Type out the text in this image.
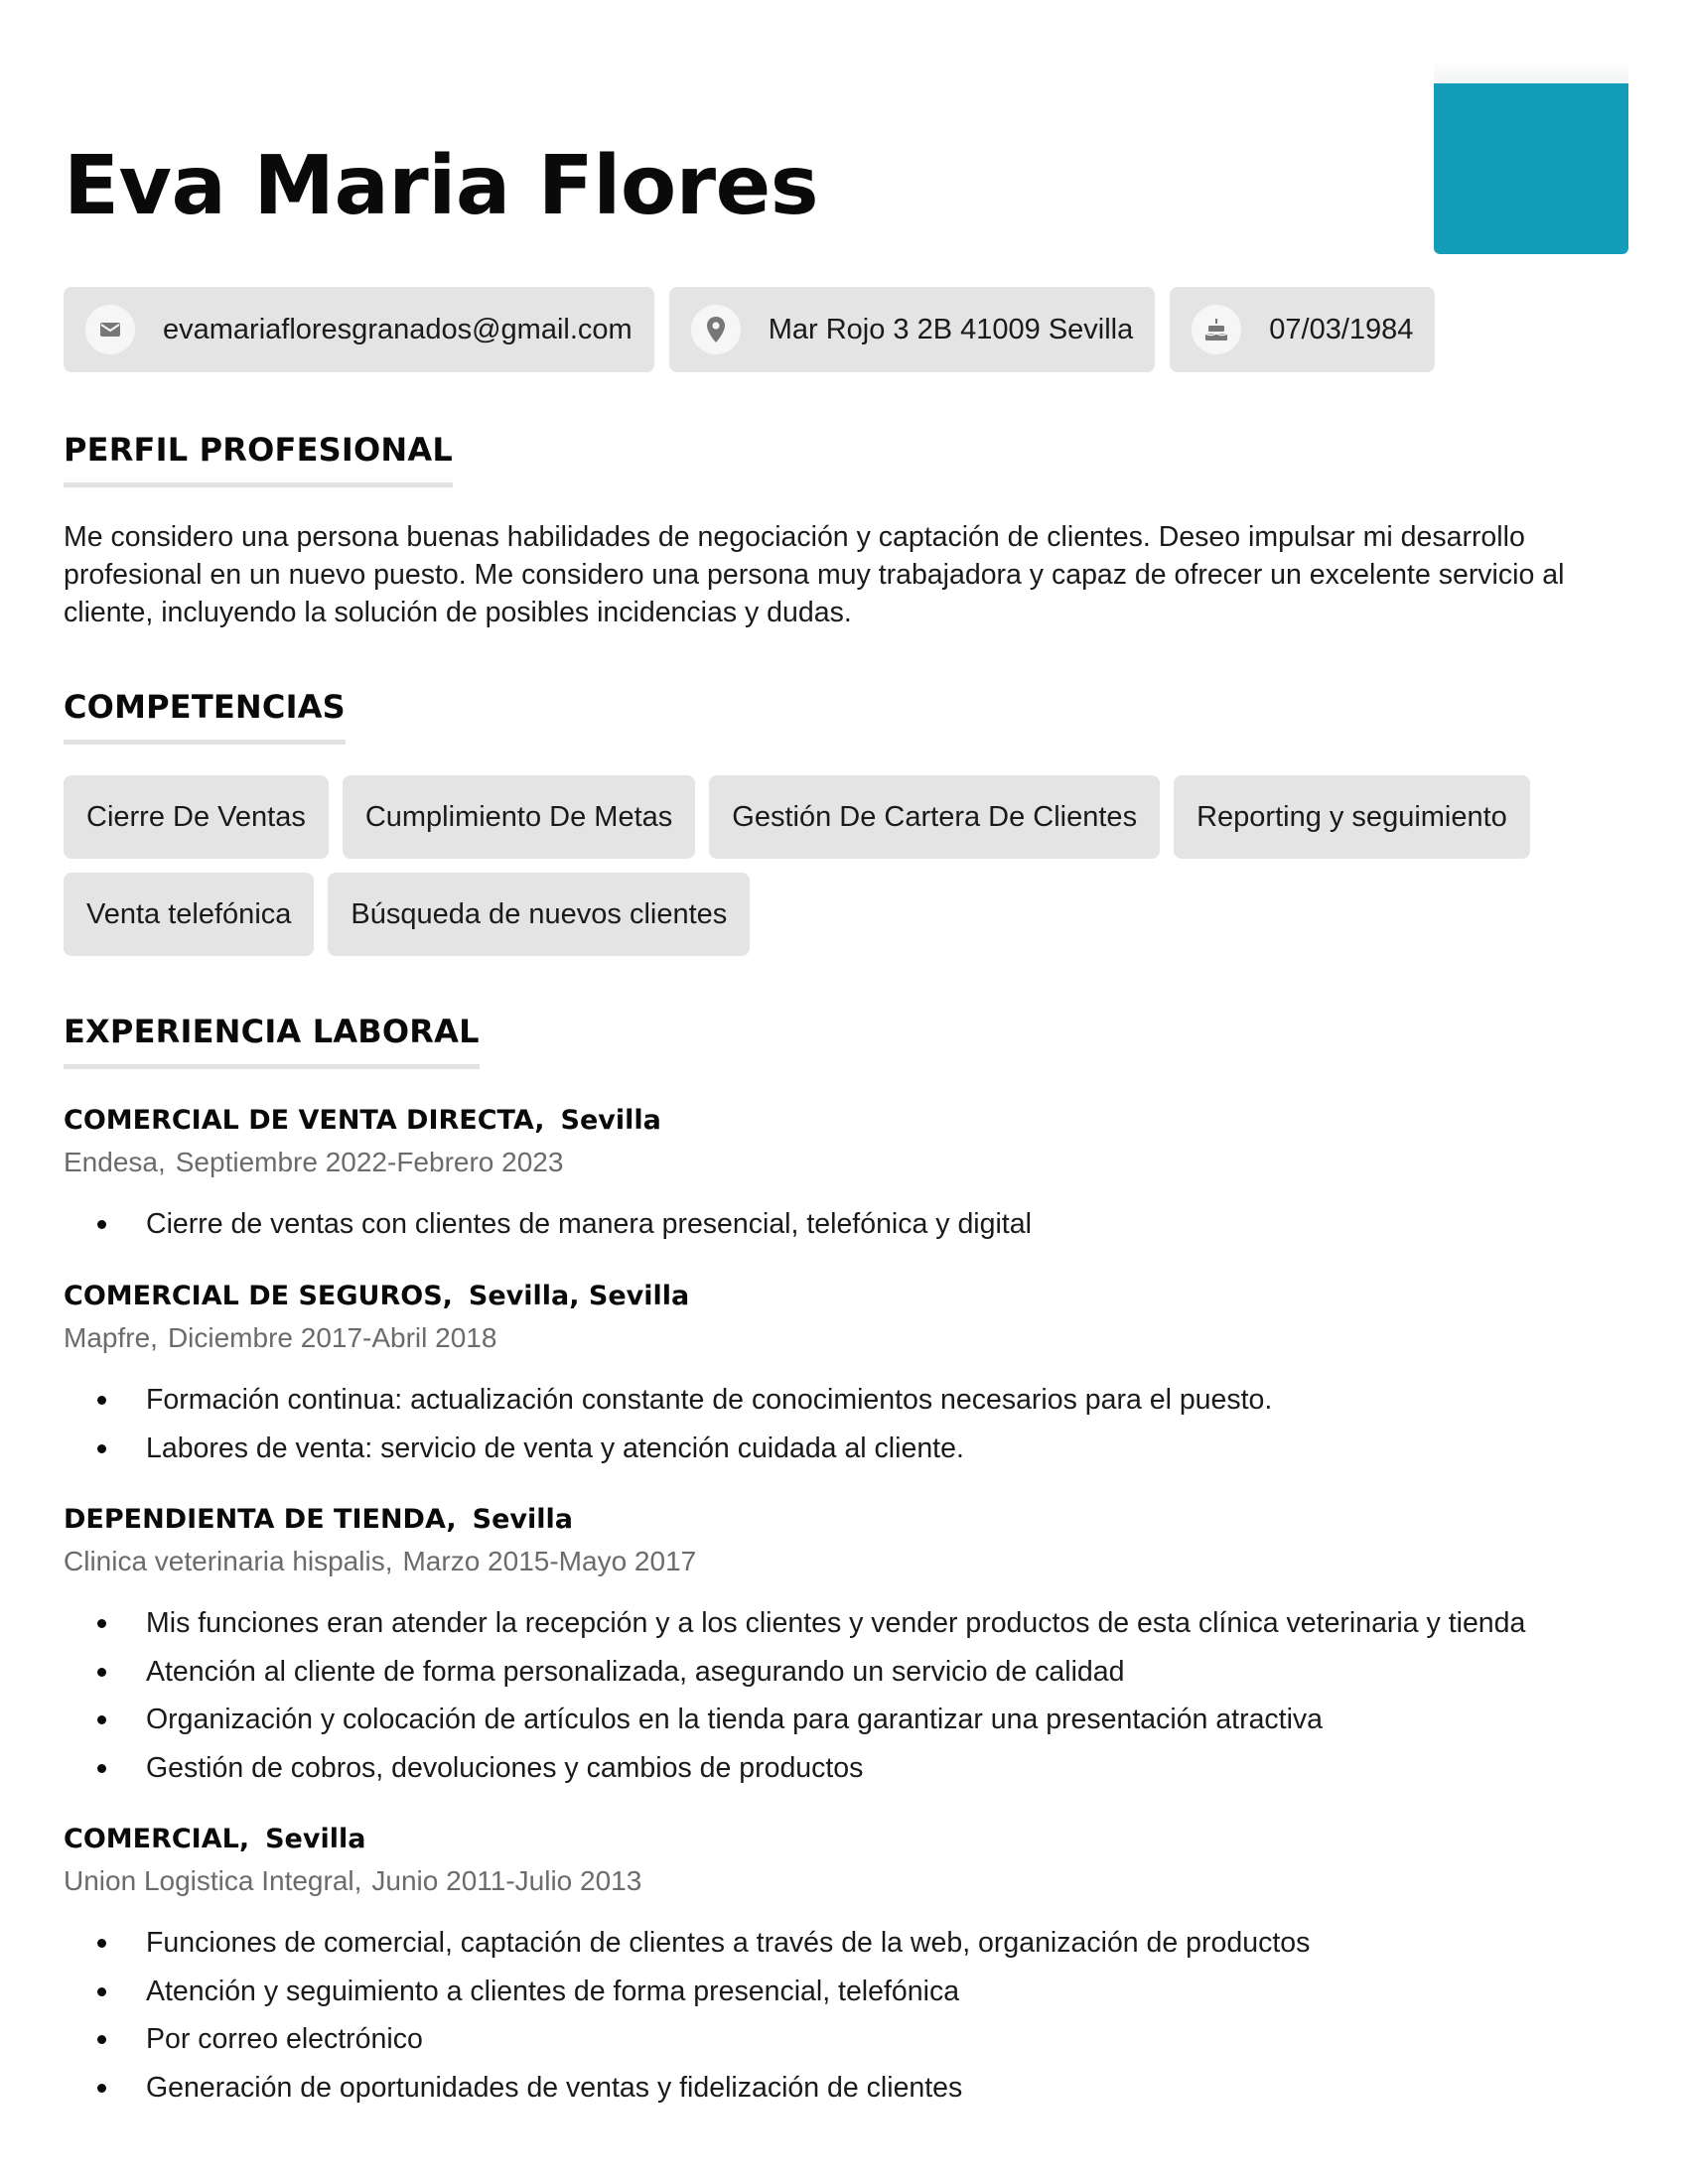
Eva Maria Flores
evamariafloresgranados@gmail.com	Mar Rojo 3 2B 41009 Sevilla	07/03/1984
PERFIL PROFESIONAL

Me considero una persona buenas habilidades de negociación y captación de clientes. Deseo impulsar mi desarrollo profesional en un nuevo puesto. Me considero una persona muy trabajadora y capaz de ofrecer un excelente servicio al cliente, incluyendo la solución de posibles incidencias y dudas.

COMPETENCIAS
Cierre De Ventas	Cumplimiento De Metas	Gestión De Cartera De Clientes	Reporting y seguimiento
Venta telefónica	Búsqueda de nuevos clientes
EXPERIENCIA LABORAL
COMERCIAL DE VENTA DIRECTA, Sevilla
Endesa, Septiembre 2022-Febrero 2023
Cierre de ventas con clientes de manera presencial, telefónica y digital
COMERCIAL DE SEGUROS, Sevilla, Sevilla
Mapfre, Diciembre 2017-Abril 2018
Formación continua: actualización constante de conocimientos necesarios para el puesto.
Labores de venta: servicio de venta y atención cuidada al cliente.
DEPENDIENTA DE TIENDA, Sevilla
Clinica veterinaria hispalis, Marzo 2015-Mayo 2017
Mis funciones eran atender la recepción y a los clientes y vender productos de esta clínica veterinaria y tienda
Atención al cliente de forma personalizada, asegurando un servicio de calidad
Organización y colocación de artículos en la tienda para garantizar una presentación atractiva
Gestión de cobros, devoluciones y cambios de productos
COMERCIAL, Sevilla
Union Logistica Integral, Junio 2011-Julio 2013
Funciones de comercial, captación de clientes a través de la web, organización de productos
Atención y seguimiento a clientes de forma presencial, telefónica
Por correo electrónico
Generación de oportunidades de ventas y fidelización de clientes
